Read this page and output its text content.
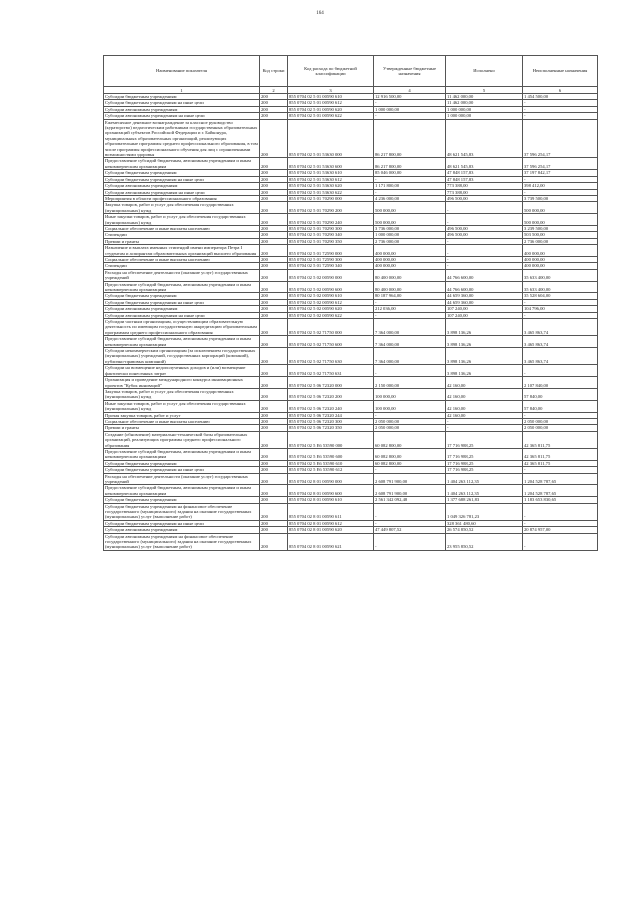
164
Наименование показателя	Код строки	Код расхода по бюджетной классификации	Утвержденные бюджетные назначения	Исполнено	Неисполненные назначения
1	2	3	4	5	6
Субсидии бюджетным учреждениям	200	855 0704 02 5 01 00590 610	12 916 500,00	11 462 000,00	1 454 500,00
Субсидии бюджетным учреждениям на иные цели	200	855 0704 02 5 01 00590 612	-	11 462 000,00	-
Субсидии автономным учреждениям	200	855 0704 02 5 01 00590 620	1 000 000,00	1 000 000,00	-
Субсидии автономным учреждениям на иные цели	200	855 0704 02 5 01 00590 622	-	1 000 000,00	-
Ежемесячное денежное вознаграждение за классное руководство (кураторство) педагогическим работникам государственных образовательных организаций субъектов Российской Федерации и г. Байконура, муниципальных образовательных организаций, реализующих образовательные программы среднего профессионального образования, в том числе программы профессионального обучения для лиц с ограниченными возможностями здоровья	200	855 0704 02 5 01 53630 000	86 217 800,00	48 621 545,83	37 596 254,17
Предоставление субсидий бюджетным, автономным учреждениям и иным некоммерческим организациям	200	855 0704 02 5 01 53630 600	86 217 800,00	48 621 545,83	37 596 254,17
Субсидии бюджетным учреждениям	200	855 0704 02 5 01 53630 610	85 046 000,00	47 848 157,83	37 197 842,17
Субсидии бюджетным учреждениям на иные цели	200	855 0704 02 5 01 53630 612	-	47 848 157,83	-
Субсидии автономным учреждениям	200	855 0704 02 5 01 53630 620	1 171 800,00	773 388,00	398 412,00
Субсидии автономным учреждениям на иные цели	200	855 0704 02 5 01 53630 622	-	773 388,00	-
Мероприятия в области профессионального образования	200	855 0704 02 5 01 70290 000	4 236 000,00	496 500,00	3 739 500,00
Закупка товаров, работ и услуг для обеспечения государственных (муниципальных) нужд	200	855 0704 02 5 01 70290 200	500 000,00	-	500 000,00
Иные закупки товаров, работ и услуг для обеспечения государственных (муниципальных) нужд	200	855 0704 02 5 01 70290 240	500 000,00	-	500 000,00
Социальное обеспечение и иные выплаты населению	200	855 0704 02 5 01 70290 300	3 736 000,00	496 500,00	3 239 500,00
Стипендии	200	855 0704 02 5 01 70290 340	1 000 000,00	496 500,00	503 500,00
Премии и гранты	200	855 0704 02 5 01 70290 350	2 736 000,00	-	2 736 000,00
Назначение и выплата именных стипендий имени императора Петра I студентам и аспирантам образовательных организаций высшего образования	200	855 0704 02 5 01 72590 000	400 000,00	-	400 000,00
Социальное обеспечение и иные выплаты населению	200	855 0704 02 5 01 72590 300	400 000,00	-	400 000,00
Стипендии	200	855 0704 02 5 01 72590 340	400 000,00	-	400 000,00
Расходы на обеспечение деятельности (оказание услуг) государственных учреждений	200	855 0704 02 5 02 00590 000	80 400 000,00	44 766 600,00	35 633 400,00
Предоставление субсидий бюджетным, автономным учреждениям и иным некоммерческим организациям	200	855 0704 02 5 02 00590 600	80 400 000,00	44 766 600,00	35 633 400,00
Субсидии бюджетным учреждениям	200	855 0704 02 5 02 00590 610	80 187 964,00	44 659 360,00	35 528 604,00
Субсидии бюджетным учреждениям на иные цели	200	855 0704 02 5 02 00590 612	-	44 659 360,00	-
Субсидии автономным учреждениям	200	855 0704 02 5 02 00590 620	212 036,00	107 240,00	104 796,00
Субсидии автономным учреждениям на иные цели	200	855 0704 02 5 02 00590 622	-	107 240,00	-
Субсидии частным организациям, осуществляющим образовательную деятельность по имеющим государственную аккредитацию образовательным программам среднего профессионального образования	200	855 0704 02 5 02 71750 000	7 364 000,00	3 898 136,26	3 465 863,74
Предоставление субсидий бюджетным, автономным учреждениям и иным некоммерческим организациям	200	855 0704 02 5 02 71750 600	7 364 000,00	3 898 136,26	3 465 863,74
Субсидии некоммерческим организациям (за исключением государственных (муниципальных) учреждений, государственных корпораций (компаний), публично-правовых компаний)	200	855 0704 02 5 02 71750 630	7 364 000,00	3 898 136,26	3 465 863,74
Субсидии на возмещение недополученных доходов и (или) возмещение фактически понесенных затрат	200	855 0704 02 5 02 71750 631	-	3 898 136,26	-
Организация и проведение международного конкурса инновационных проектов "Кубок инноваций"	200	855 0704 02 5 06 72320 000	2 150 000,00	42 160,00	2 107 840,00
Закупка товаров, работ и услуг для обеспечения государственных (муниципальных) нужд	200	855 0704 02 5 06 72320 200	100 000,00	42 160,00	57 840,00
Иные закупки товаров, работ и услуг для обеспечения государственных (муниципальных) нужд	200	855 0704 02 5 06 72320 240	100 000,00	42 160,00	57 840,00
Прочая закупка товаров, работ и услуг	200	855 0704 02 5 06 72320 244	-	42 160,00	-
Социальное обеспечение и иные выплаты населению	200	855 0704 02 5 06 72320 300	2 050 000,00	-	2 050 000,00
Премии и гранты	200	855 0704 02 5 06 72320 350	2 050 000,00	-	2 050 000,00
Создание (обновление) материально-технической базы образовательных организаций, реализующих программы среднего профессионального образования	200	855 0704 02 5 E6 53590 000	60 082 800,00	17 716 988,25	42 365 811,75
Предоставление субсидий бюджетным, автономным учреждениям и иным некоммерческим организациям	200	855 0704 02 5 E6 53590 600	60 082 800,00	17 716 988,25	42 365 811,75
Субсидии бюджетным учреждениям	200	855 0704 02 5 E6 53590 610	60 082 800,00	17 716 988,25	42 365 811,75
Субсидии бюджетным учреждениям на иные цели	200	855 0704 02 5 E6 53590 612	-	17 716 988,25	-
Расходы на обеспечение деятельности (оказание услуг) государственных учреждений	200	855 0704 02 8 01 00590 000	2 608 791 900,00	1 404 263 112,35	1 204 528 787,65
Предоставление субсидий бюджетным, автономным учреждениям и иным некоммерческим организациям	200	855 0704 02 8 01 00590 600	2 608 791 900,00	1 404 263 112,35	1 204 528 787,65
Субсидии бюджетным учреждениям	200	855 0704 02 8 01 00590 610	2 561 342 092,48	1 377 688 261,83	1 183 653 830,65
Субсидии бюджетным учреждениям на финансовое обеспечение государственного (муниципального) задания на оказание государственных (муниципальных) услуг (выполнение работ)	200	855 0704 02 8 01 00590 611	-	1 049 326 781,23	-
Субсидии бюджетным учреждениям на иные цели	200	855 0704 02 8 01 00590 612	-	328 361 480,60	-
Субсидии автономным учреждениям	200	855 0704 02 8 01 00590 620	47 449 807,52	26 574 850,52	20 874 957,00
Субсидии автономным учреждениям на финансовое обеспечение государственного (муниципального) задания на оказание государственных (муниципальных) услуг (выполнение работ)	200	855 0704 02 8 01 00590 621	-	23 955 850,52	-
